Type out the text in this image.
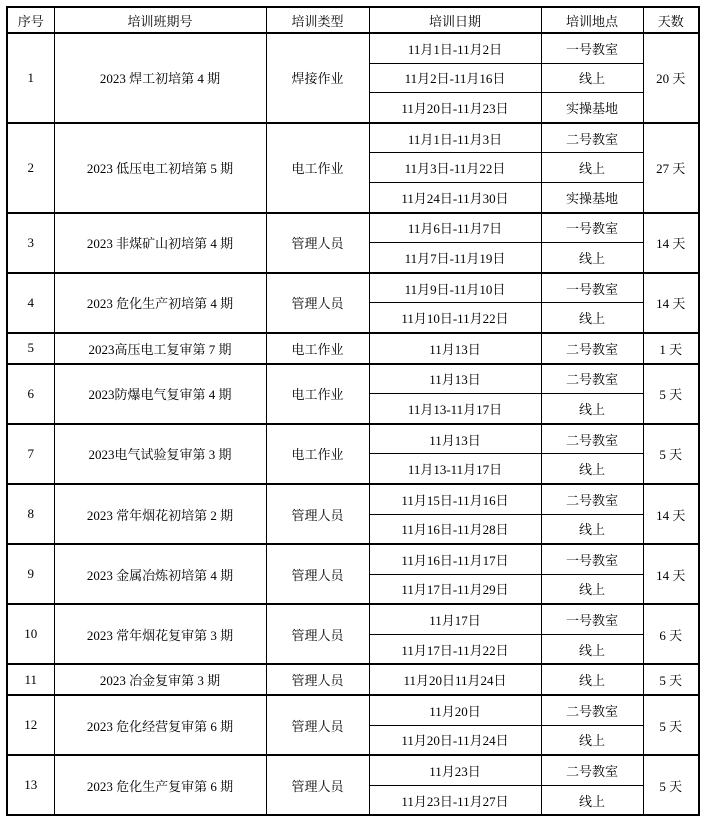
序号	培训班期号	培训类型	培训日期	培训地点	天数
1	2023 焊工初培第 4 期	焊接作业	11月1日-11月2日	一号教室	20 天
			11月2日-11月16日	线上	
			11月20日-11月23日	实操基地	
2	2023 低压电工初培第 5 期	电工作业	11月1日-11月3日	二号教室	27 天
			11月3日-11月22日	线上	
			11月24日-11月30日	实操基地	
3	2023 非煤矿山初培第 4 期	管理人员	11月6日-11月7日	一号教室	14 天
			11月7日-11月19日	线上	
4	2023 危化生产初培第 4 期	管理人员	11月9日-11月10日	一号教室	14 天
			11月10日-11月22日	线上	
5	2023高压电工复审第 7 期	电工作业	11月13日	二号教室	1 天
6	2023防爆电气复审第 4 期	电工作业	11月13日	二号教室	5 天
			11月13-11月17日	线上	
7	2023电气试验复审第 3 期	电工作业	11月13日	二号教室	5 天
			11月13-11月17日	线上	
8	2023 常年烟花初培第 2 期	管理人员	11月15日-11月16日	二号教室	14 天
			11月16日-11月28日	线上	
9	2023 金属冶炼初培第 4 期	管理人员	11月16日-11月17日	一号教室	14 天
			11月17日-11月29日	线上	
10	2023 常年烟花复审第 3 期	管理人员	11月17日	一号教室	6 天
			11月17日-11月22日	线上	
11	2023 冶金复审第 3 期	管理人员	11月20日11月24日	线上	5 天
12	2023 危化经营复审第 6 期	管理人员	11月20日	二号教室	5 天
			11月20日-11月24日	线上	
13	2023 危化生产复审第 6 期	管理人员	11月23日	二号教室	5 天
			11月23日-11月27日	线上	
